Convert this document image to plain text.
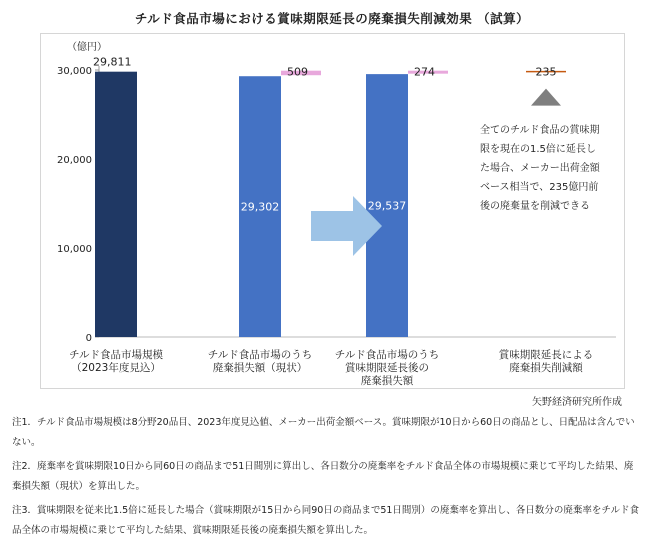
チルド食品市場における賞味期限延長の廃棄損失削減効果 （試算）
（億円）
0
10,000
20,000
30,000
29,811
29,302	29,537
509	274	235
チルド食品市場規模
（2023年度見込）
チルド食品市場のうち
廃棄損失額（現状）
チルド食品市場のうち
賞味期限延長後の
廃棄損失額
賞味期限延長による
廃棄損失削減額
全てのチルド食品の賞味期限を現在の1.5倍に延長した場合、メーカー出荷金額ベース相当で、235億円前後の廃棄量を削減できる
矢野経済研究所作成

注1．チルド食品市場規模は8分野20品目、2023年度見込値、メーカー出荷金額ベース。賞味期限が10日から60日の商品とし、日配品は含んでいない。

注2．廃棄率を賞味期限10日から同60日の商品まで51日間別に算出し、各日数分の廃棄率をチルド食品全体の市場規模に乗じて平均した結果、廃棄損失額（現状）を算出した。

注3．賞味期限を従来比1.5倍に延長した場合（賞味期限が15日から同90日の商品まで51日間別）の廃棄率を算出し、各日数分の廃棄率をチルド食品全体の市場規模に乗じて平均した結果、賞味期限延長後の廃棄損失額を算出した。
